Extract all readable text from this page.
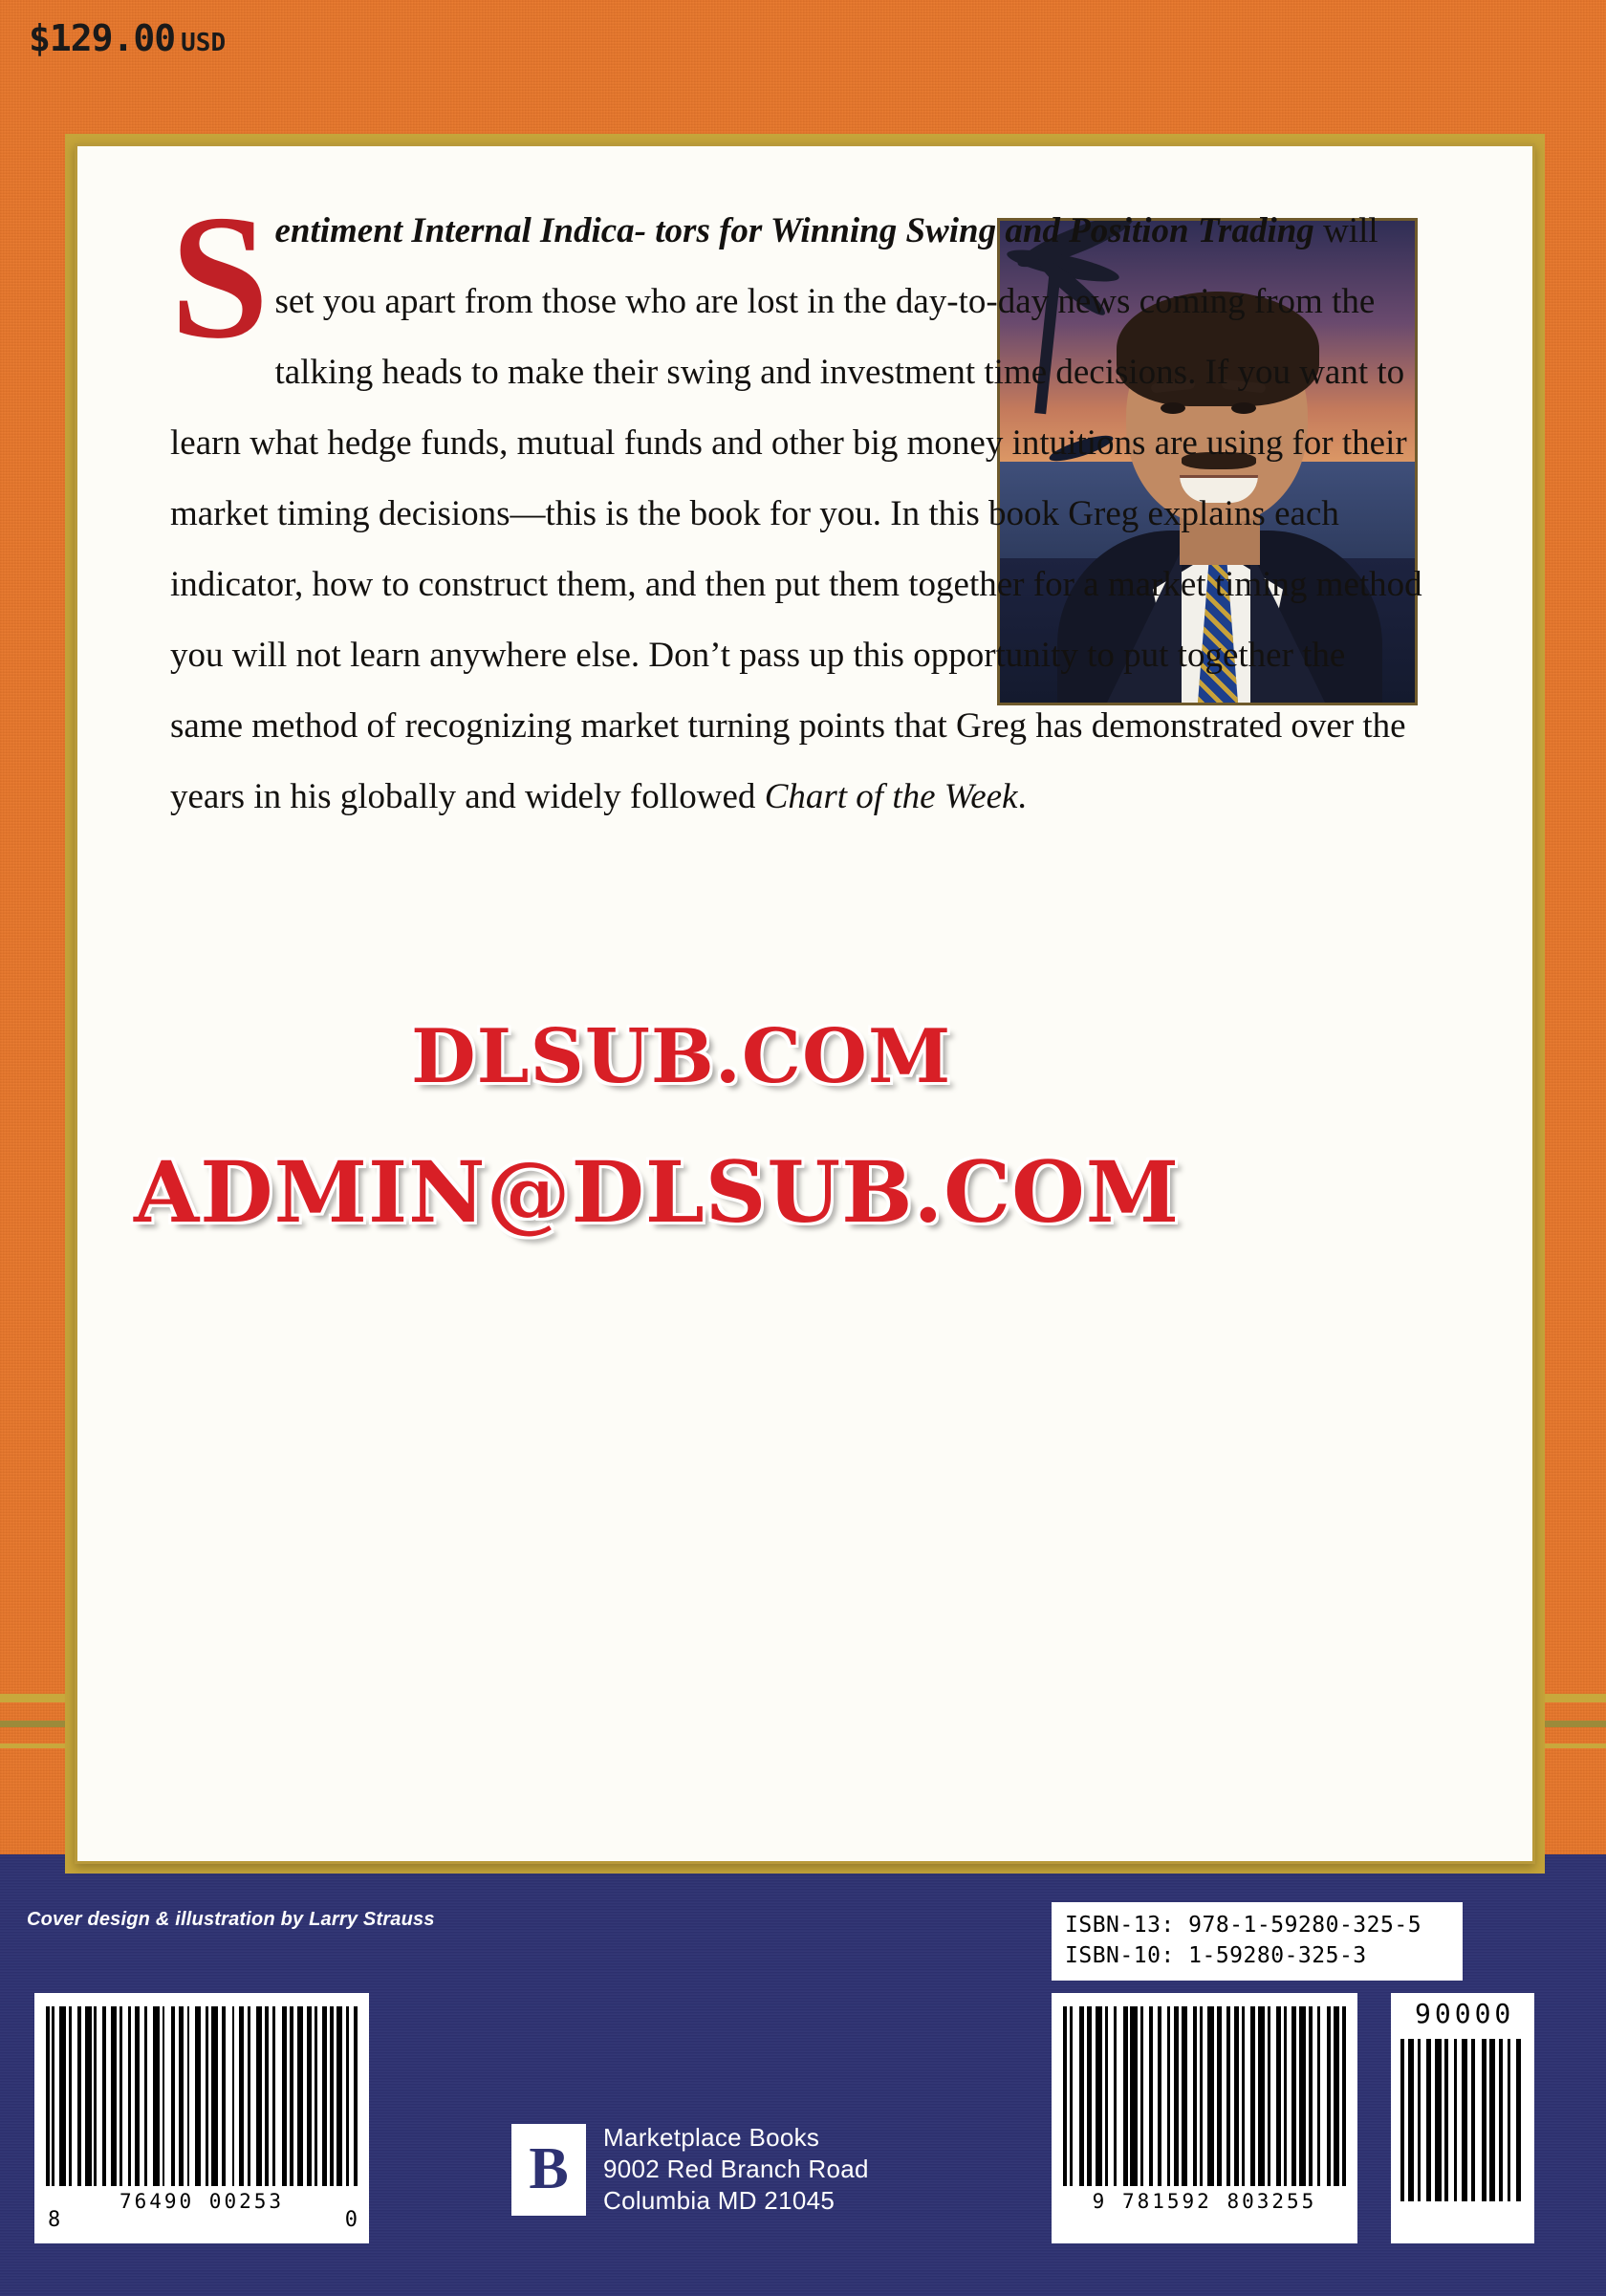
$129.00 USD
Sentiment Internal Indica- tors for Winning Swing and Position Trading will set you apart from those who are lost in the day-to-day news coming from the talking heads to make their swing and investment time decisions. If you want to learn what hedge funds, mutual funds and other big money intuitions are using for their market timing decisions—this is the book for you. In this book Greg explains each indicator, how to construct them, and then put them together for a market timing method you will not learn anywhere else. Don’t pass up this opportunity to put together the same method of recognizing market turning points that Greg has demonstrated over the years in his globally and widely followed Chart of the Week.
DLSUB.COM
ADMIN@DLSUB.COM
Cover design & illustration by Larry Strauss	ISBN-13: 978-1-59280-325-5
ISBN-10: 1-59280-325-3
76490 00253
8	0
9 781592 803255
90000
B	Marketplace Books
9002 Red Branch Road
Columbia MD 21045
